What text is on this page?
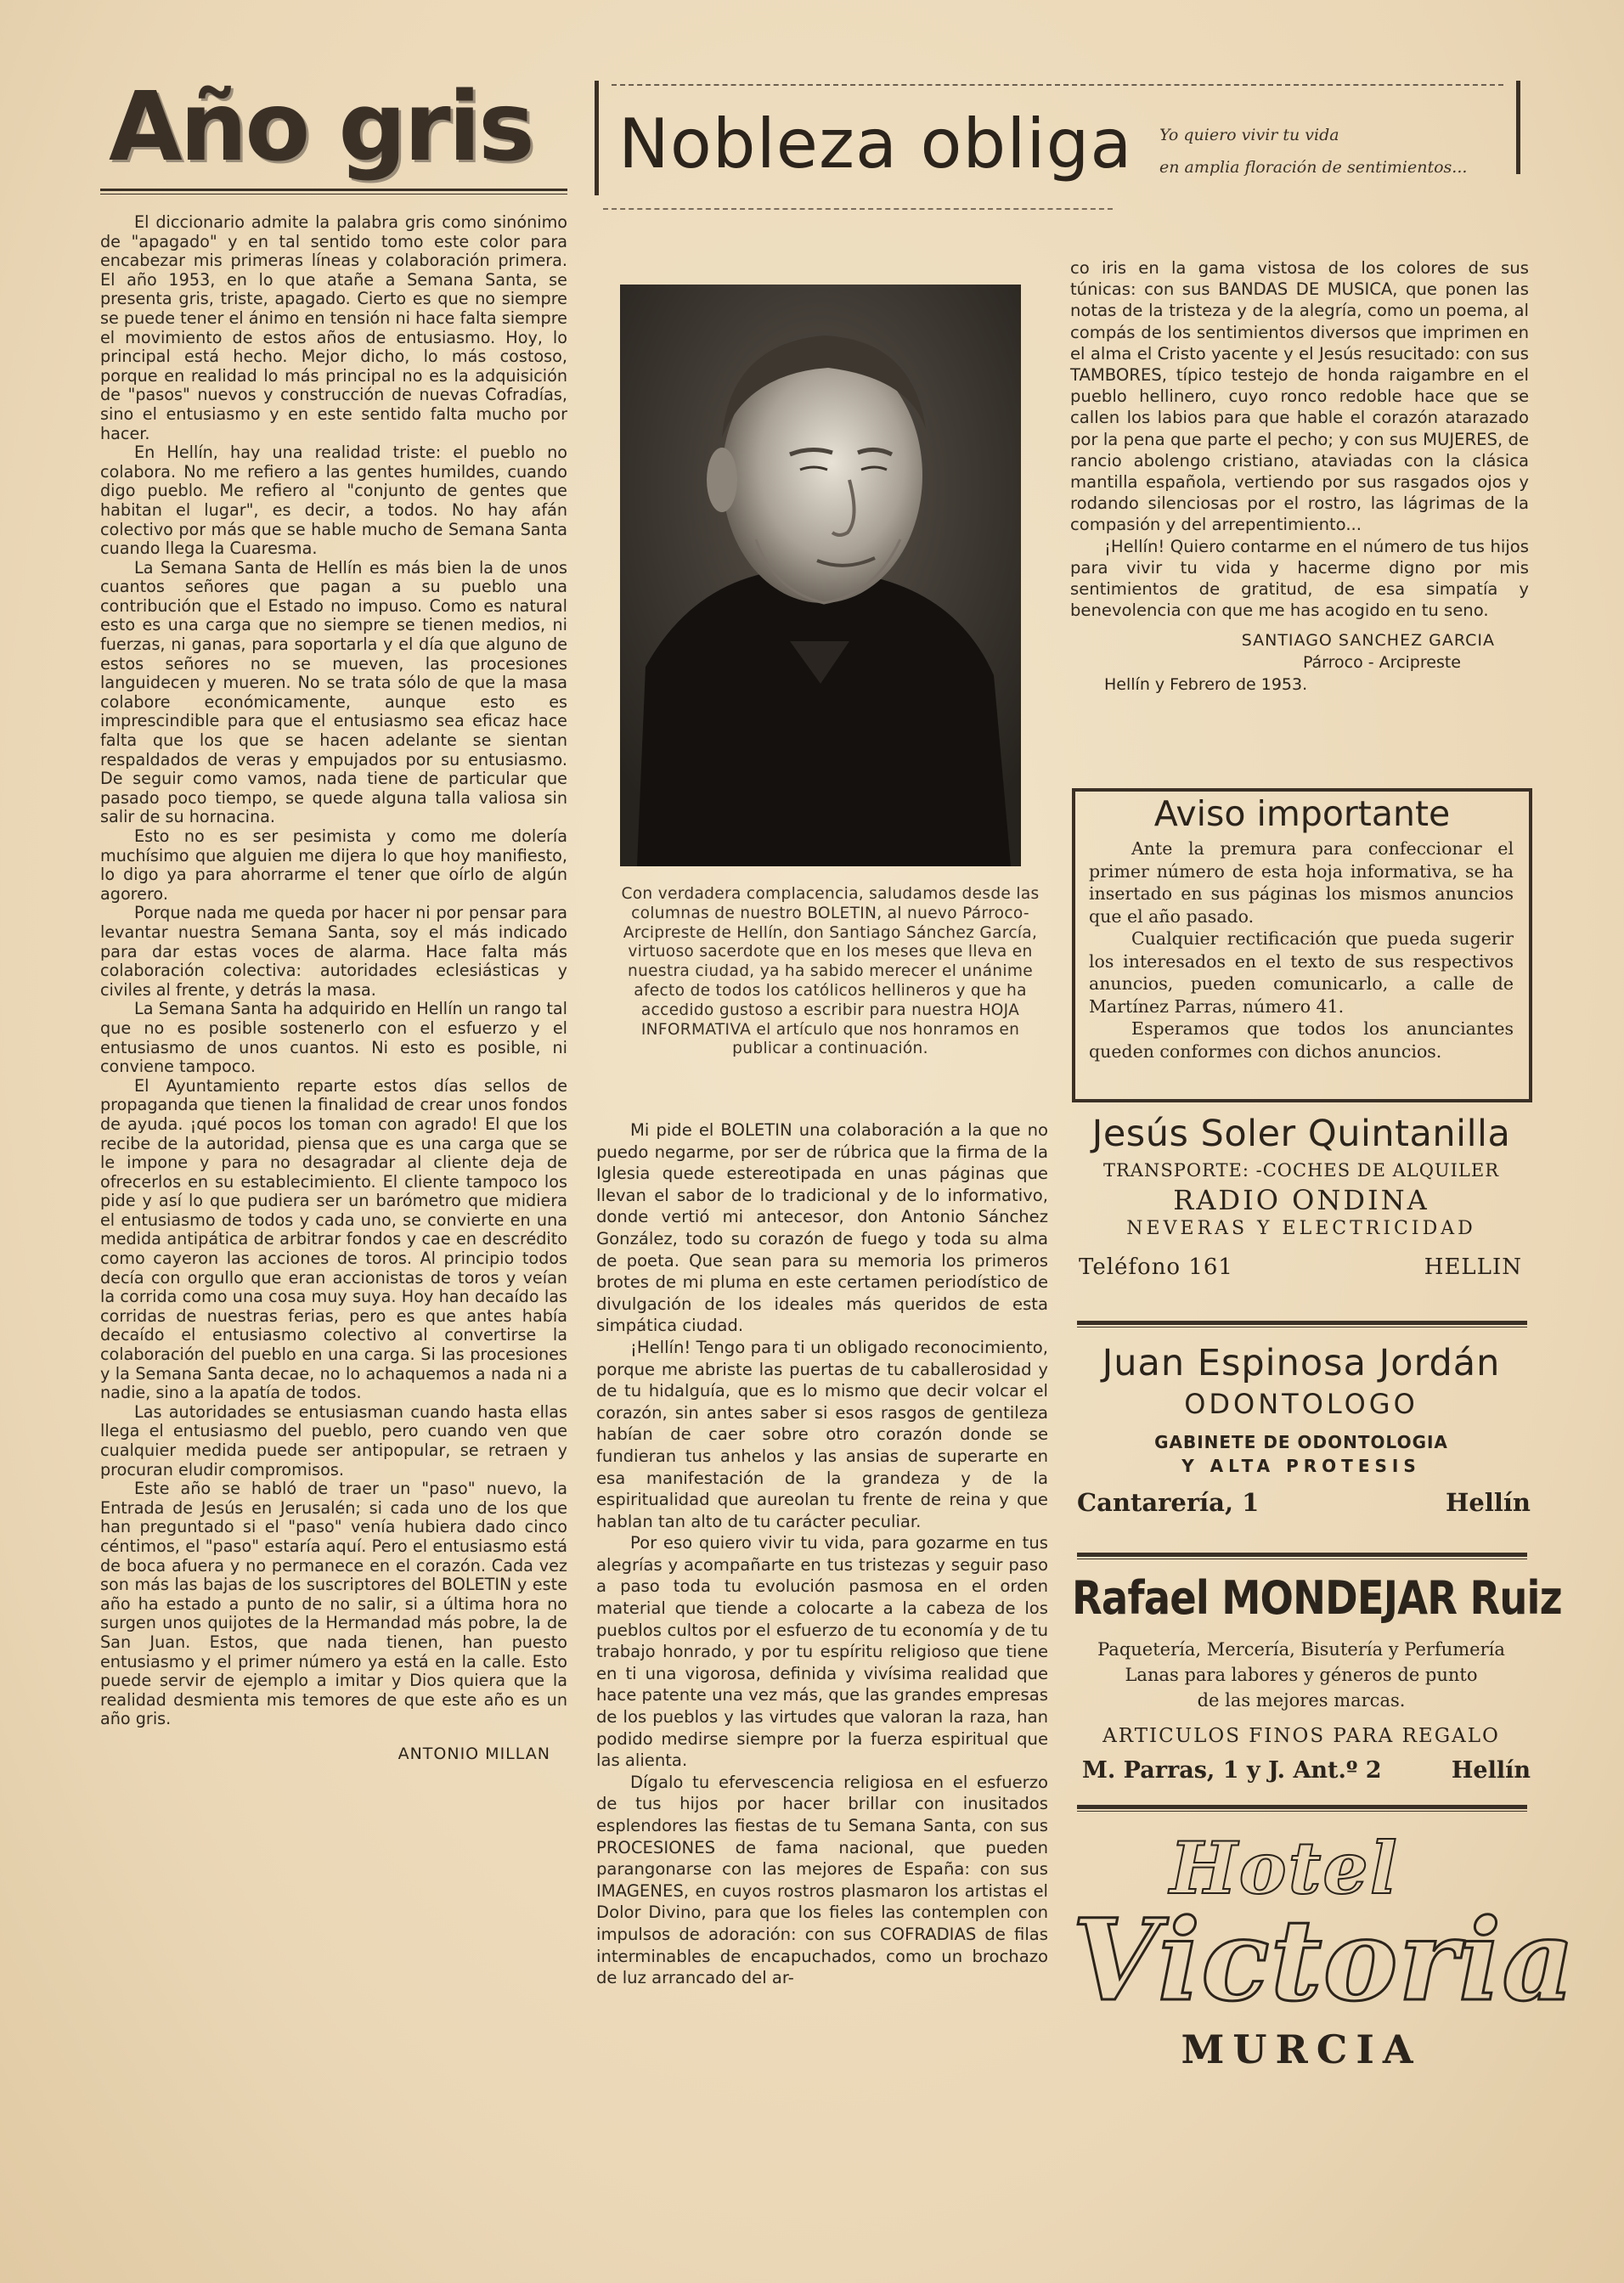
Año gris

El diccionario admite la palabra gris como sinónimo de "apagado" y en tal sentido tomo este color para encabezar mis primeras líneas y colaboración primera. El año 1953, en lo que atañe a Semana Santa, se presenta gris, triste, apagado. Cierto es que no siempre se puede tener el ánimo en tensión ni hace falta siempre el movimiento de estos años de entusiasmo. Hoy, lo principal está hecho. Mejor dicho, lo más costoso, porque en realidad lo más principal no es la adquisición de "pasos" nuevos y construcción de nuevas Cofradías, sino el entusiasmo y en este sentido falta mucho por hacer.

En Hellín, hay una realidad triste: el pueblo no colabora. No me refiero a las gentes humildes, cuando digo pueblo. Me refiero al "conjunto de gentes que habitan el lugar", es decir, a todos. No hay afán colectivo por más que se hable mucho de Semana Santa cuando llega la Cuaresma.

La Semana Santa de Hellín es más bien la de unos cuantos señores que pagan a su pueblo una contribución que el Estado no impuso. Como es natural esto es una carga que no siempre se tienen medios, ni fuerzas, ni ganas, para soportarla y el día que alguno de estos señores no se mueven, las procesiones languidecen y mueren. No se trata sólo de que la masa colabore económicamente, aunque esto es imprescindible para que el entusiasmo sea eficaz hace falta que los que se hacen adelante se sientan respaldados de veras y empujados por su entusiasmo. De seguir como vamos, nada tiene de particular que pasado poco tiempo, se quede alguna talla valiosa sin salir de su hornacina.

Esto no es ser pesimista y como me dolería muchísimo que alguien me dijera lo que hoy manifiesto, lo digo ya para ahorrarme el tener que oírlo de algún agorero.

Porque nada me queda por hacer ni por pensar para levantar nuestra Semana Santa, soy el más indicado para dar estas voces de alarma. Hace falta más colaboración colectiva: autoridades eclesiásticas y civiles al frente, y detrás la masa.

La Semana Santa ha adquirido en Hellín un rango tal que no es posible sostenerlo con el esfuerzo y el entusiasmo de unos cuantos. Ni esto es posible, ni conviene tampoco.

El Ayuntamiento reparte estos días sellos de propaganda que tienen la finalidad de crear unos fondos de ayuda. ¡qué pocos los toman con agrado! El que los recibe de la autoridad, piensa que es una carga que se le impone y para no desagradar al cliente deja de ofrecerlos en su establecimiento. El cliente tampoco los pide y así lo que pudiera ser un barómetro que midiera el entusiasmo de todos y cada uno, se convierte en una medida antipática de arbitrar fondos y cae en descrédito como cayeron las acciones de toros. Al principio todos decía con orgullo que eran accionistas de toros y veían la corrida como una cosa muy suya. Hoy han decaído las corridas de nuestras ferias, pero es que antes había decaído el entusiasmo colectivo al convertirse la colaboración del pueblo en una carga. Si las procesiones y la Semana Santa decae, no lo achaquemos a nada ni a nadie, sino a la apatía de todos.

Las autoridades se entusiasman cuando hasta ellas llega el entusiasmo del pueblo, pero cuando ven que cualquier medida puede ser antipopular, se retraen y procuran eludir compromisos.

Este año se habló de traer un "paso" nuevo, la Entrada de Jesús en Jerusalén; si cada uno de los que han preguntado si el "paso" venía hubiera dado cinco céntimos, el "paso" estaría aquí. Pero el entusiasmo está de boca afuera y no permanece en el corazón. Cada vez son más las bajas de los suscriptores del BOLETIN y este año ha estado a punto de no salir, si a última hora no surgen unos quijotes de la Hermandad más pobre, la de San Juan. Estos, que nada tienen, han puesto entusiasmo y el primer número ya está en la calle. Esto puede servir de ejemplo a imitar y Dios quiera que la realidad desmienta mis temores de que este año es un año gris.

ANTONIO MILLAN
Nobleza obliga Yo quiero vivir tu vida
en amplia floración de sentimientos...
Con verdadera complacencia, saludamos desde las columnas de nuestro BOLETIN, al nuevo Párroco-Arcipreste de Hellín, don Santiago Sánchez García, virtuoso sacerdote que en los meses que lleva en nuestra ciudad, ya ha sabido merecer el unánime afecto de todos los católicos hellineros y que ha accedido gustoso a escribir para nuestra HOJA INFORMATIVA el artículo que nos honramos en publicar a continuación.

Mi pide el BOLETIN una colaboración a la que no puedo negarme, por ser de rúbrica que la firma de la Iglesia quede estereotipada en unas páginas que llevan el sabor de lo tradicional y de lo informativo, donde vertió mi antecesor, don Antonio Sánchez González, todo su corazón de fuego y toda su alma de poeta. Que sean para su memoria los primeros brotes de mi pluma en este certamen periodístico de divulgación de los ideales más queridos de esta simpática ciudad.

¡Hellín! Tengo para ti un obligado reconocimiento, porque me abriste las puertas de tu caballerosidad y de tu hidalguía, que es lo mismo que decir volcar el corazón, sin antes saber si esos rasgos de gentileza habían de caer sobre otro corazón donde se fundieran tus anhelos y las ansias de superarte en esa manifestación de la grandeza y de la espiritualidad que aureolan tu frente de reina y que hablan tan alto de tu carácter peculiar.

Por eso quiero vivir tu vida, para gozarme en tus alegrías y acompañarte en tus tristezas y seguir paso a paso toda tu evolución pasmosa en el orden material que tiende a colocarte a la cabeza de los pueblos cultos por el esfuerzo de tu economía y de tu trabajo honrado, y por tu espíritu religioso que tiene en ti una vigorosa, definida y vivísima realidad que hace patente una vez más, que las grandes empresas de los pueblos y las virtudes que valoran la raza, han podido medirse siempre por la fuerza espiritual que las alienta.

Dígalo tu efervescencia religiosa en el esfuerzo de tus hijos por hacer brillar con inusitados esplendores las fiestas de tu Semana Santa, con sus PROCESIONES de fama nacional, que pueden parangonarse con las mejores de España: con sus IMAGENES, en cuyos rostros plasmaron los artistas el Dolor Divino, para que los fieles las contemplen con impulsos de adoración: con sus COFRADIAS de filas interminables de encapuchados, como un brochazo de luz arrancado del ar-

co iris en la gama vistosa de los colores de sus túnicas: con sus BANDAS DE MUSICA, que ponen las notas de la tristeza y de la alegría, como un poema, al compás de los sentimientos diversos que imprimen en el alma el Cristo yacente y el Jesús resucitado: con sus TAMBORES, típico testejo de honda raigambre en el pueblo hellinero, cuyo ronco redoble hace que se callen los labios para que hable el corazón atarazado por la pena que parte el pecho; y con sus MUJERES, de rancio abolengo cristiano, ataviadas con la clásica mantilla española, vertiendo por sus rasgados ojos y rodando silenciosas por el rostro, las lágrimas de la compasión y del arrepentimiento...

¡Hellín! Quiero contarme en el número de tus hijos para vivir tu vida y hacerme digno por mis sentimientos de gratitud, de esa simpatía y benevolencia con que me has acogido en tu seno.

SANTIAGO SANCHEZ GARCIA
Párroco - Arcipreste
Hellín y Febrero de 1953.
Aviso importante

Ante la premura para confeccionar el primer número de esta hoja informativa, se ha insertado en sus páginas los mismos anuncios que el año pasado.

Cualquier rectificación que pueda sugerir los interesados en el texto de sus respectivos anuncios, pueden comunicarlo, a calle de Martínez Parras, número 41.

Esperamos que todos los anunciantes queden conformes con dichos anuncios.

Jesús Soler Quintanilla
TRANSPORTE: -COCHES DE ALQUILER
RADIO ONDINA
NEVERAS Y ELECTRICIDAD
Teléfono 161	HELLIN
Juan Espinosa Jordán
ODONTOLOGO
GABINETE DE ODONTOLOGIA
Y ALTA PROTESIS
Cantarería, 1	Hellín
Rafael MONDEJAR Ruiz
Paquetería, Mercería, Bisutería y Perfumería
Lanas para labores y géneros de punto
de las mejores marcas.
ARTICULOS FINOS PARA REGALO
M. Parras, 1 y J. Ant.º 2	Hellín
Hotel
Victoria
MURCIA
